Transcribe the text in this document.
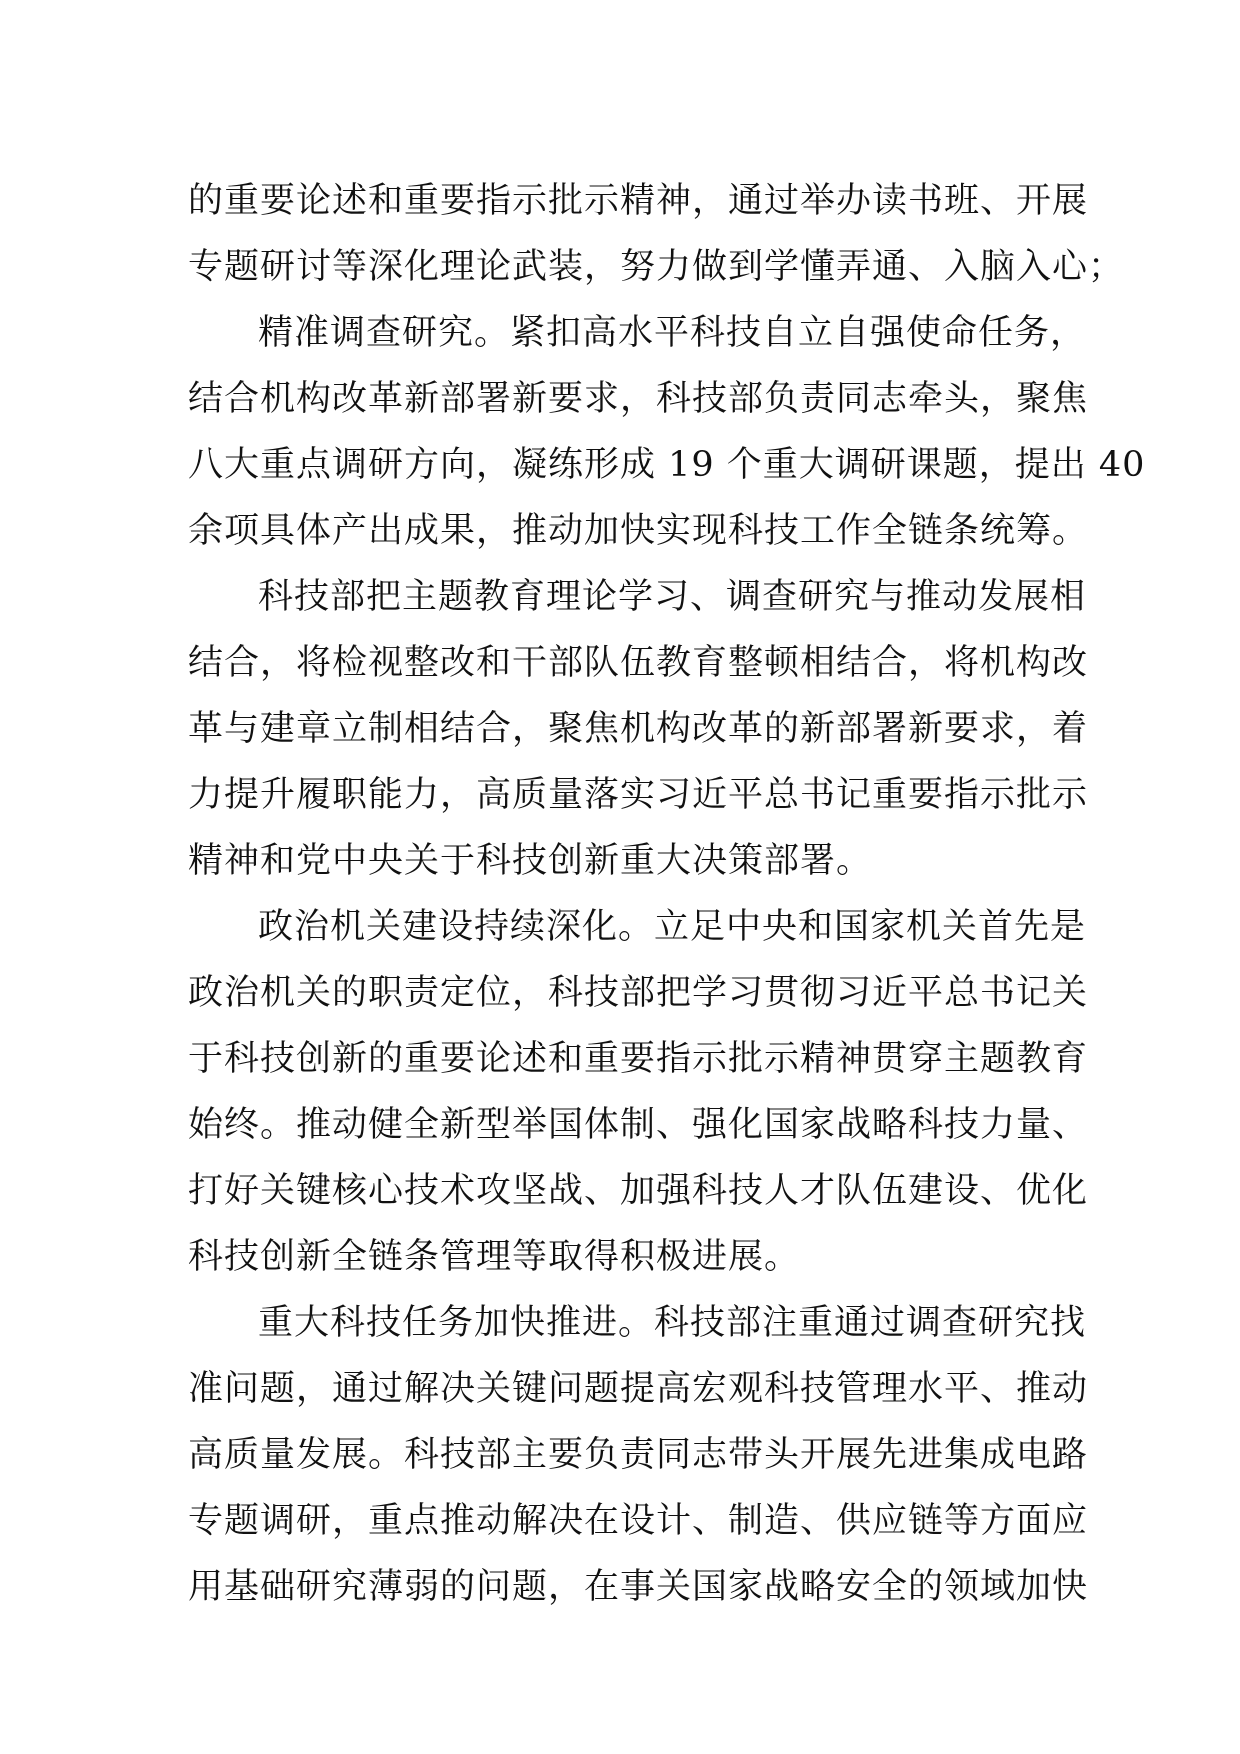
的重要论述和重要指示批示精神，通过举办读书班、开展
专题研讨等深化理论武装，努力做到学懂弄通、入脑入心；
精准调查研究。紧扣高水平科技自立自强使命任务，
结合机构改革新部署新要求，科技部负责同志牵头，聚焦
八大重点调研方向，凝练形成 19 个重大调研课题，提出 40
余项具体产出成果，推动加快实现科技工作全链条统筹。
科技部把主题教育理论学习、调查研究与推动发展相
结合，将检视整改和干部队伍教育整顿相结合，将机构改
革与建章立制相结合，聚焦机构改革的新部署新要求，着
力提升履职能力，高质量落实习近平总书记重要指示批示
精神和党中央关于科技创新重大决策部署。
政治机关建设持续深化。立足中央和国家机关首先是
政治机关的职责定位，科技部把学习贯彻习近平总书记关
于科技创新的重要论述和重要指示批示精神贯穿主题教育
始终。推动健全新型举国体制、强化国家战略科技力量、
打好关键核心技术攻坚战、加强科技人才队伍建设、优化
科技创新全链条管理等取得积极进展。
重大科技任务加快推进。科技部注重通过调查研究找
准问题，通过解决关键问题提高宏观科技管理水平、推动
高质量发展。科技部主要负责同志带头开展先进集成电路
专题调研，重点推动解决在设计、制造、供应链等方面应
用基础研究薄弱的问题，在事关国家战略安全的领域加快
